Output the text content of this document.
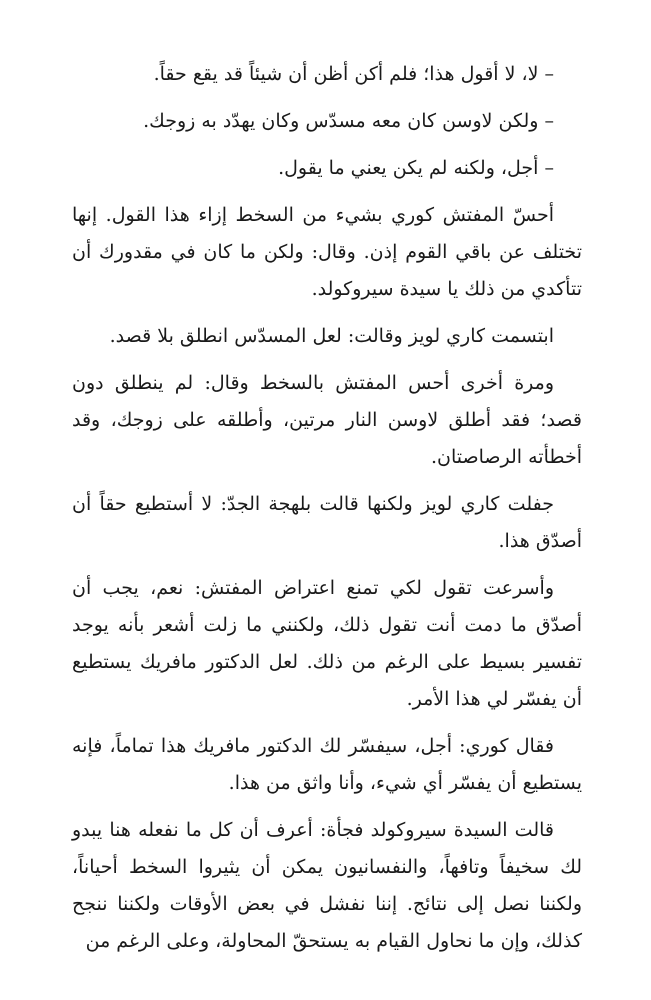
– لا، لا أقول هذا؛ فلم أكن أظن أن شيئاً قد يقع حقاً.

– ولكن لاوسن كان معه مسدّس وكان يهدّد به زوجك.

– أجل، ولكنه لم يكن يعني ما يقول.

أحسّ المفتش كوري بشيء من السخط إزاء هذا القول. إنها تختلف عن باقي القوم إذن. وقال: ولكن ما كان في مقدورك أن تتأكدي من ذلك يا سيدة سيروكولد.

ابتسمت كاري لويز وقالت: لعل المسدّس انطلق بلا قصد.

ومرة أخرى أحس المفتش بالسخط وقال: لم ينطلق دون قصد؛ فقد أطلق لاوسن النار مرتين، وأطلقه على زوجك، وقد أخطأته الرصاصتان.

جفلت كاري لويز ولكنها قالت بلهجة الجدّ: لا أستطيع حقاً أن أصدّق هذا.

وأسرعت تقول لكي تمنع اعتراض المفتش: نعم، يجب أن أصدّق ما دمت أنت تقول ذلك، ولكنني ما زلت أشعر بأنه يوجد تفسير بسيط على الرغم من ذلك. لعل الدكتور مافريك يستطيع أن يفسّر لي هذا الأمر.

فقال كوري: أجل، سيفسّر لك الدكتور مافريك هذا تماماً، فإنه يستطيع أن يفسّر أي شيء، وأنا واثق من هذا.

قالت السيدة سيروكولد فجأة: أعرف أن كل ما نفعله هنا يبدو لك سخيفاً وتافهاً، والنفسانيون يمكن أن يثيروا السخط أحياناً، ولكننا نصل إلى نتائج. إننا نفشل في بعض الأوقات ولكننا ننجح كذلك، وإن ما نحاول القيام به يستحقّ المحاولة، وعلى الرغم من
